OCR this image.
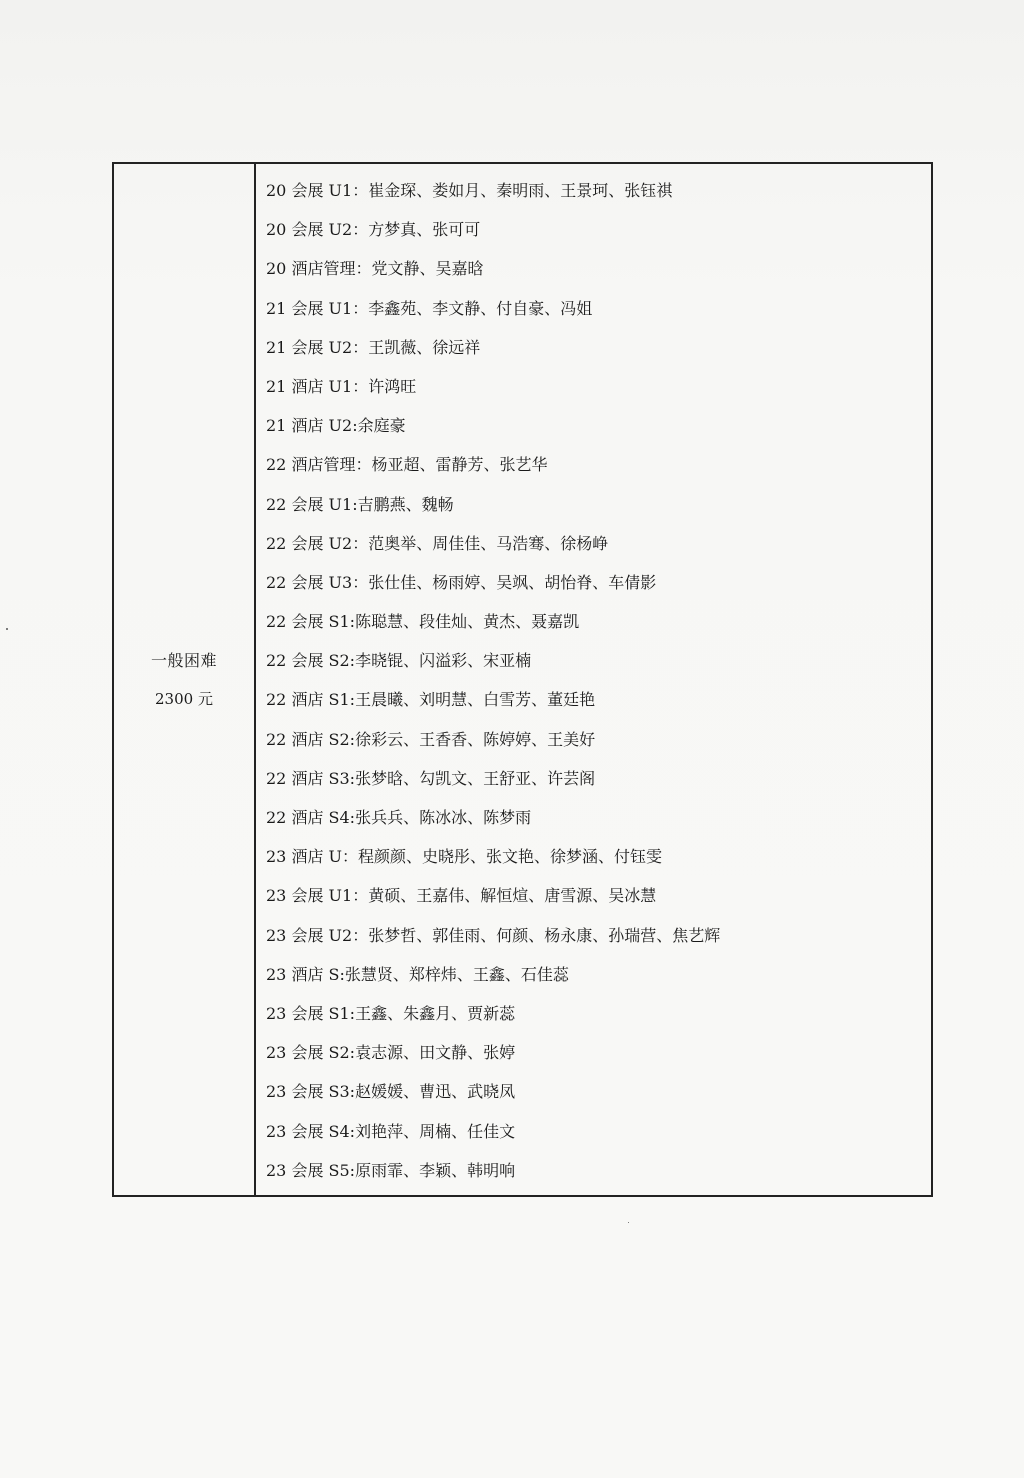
一般困难
2300 元
20 会展 U1：崔金琛、娄如月、秦明雨、王景珂、张钰祺
20 会展 U2：方梦真、张可可
20 酒店管理：党文静、吴嘉晗
21 会展 U1：李鑫苑、李文静、付自豪、冯姐
21 会展 U2：王凯薇、徐远祥
21 酒店 U1：许鸿旺
21 酒店 U2:余庭豪
22 酒店管理：杨亚超、雷静芳、张艺华
22 会展 U1:吉鹏燕、魏畅
22 会展 U2：范奥举、周佳佳、马浩骞、徐杨峥
22 会展 U3：张仕佳、杨雨婷、吴飒、胡怡脊、车倩影
22 会展 S1:陈聪慧、段佳灿、黄杰、聂嘉凯
22 会展 S2:李晓锟、闪溢彩、宋亚楠
22 酒店 S1:王晨曦、刘明慧、白雪芳、董廷艳
22 酒店 S2:徐彩云、王香香、陈婷婷、王美好
22 酒店 S3:张梦晗、勾凯文、王舒亚、许芸阁
22 酒店 S4:张兵兵、陈冰冰、陈梦雨
23 酒店 U：程颜颜、史晓彤、张文艳、徐梦涵、付钰雯
23 会展 U1：黄硕、王嘉伟、解恒煊、唐雪源、吴冰慧
23 会展 U2：张梦哲、郭佳雨、何颜、杨永康、孙瑞营、焦艺辉
23 酒店 S:张慧贤、郑梓炜、王鑫、石佳蕊
23 会展 S1:王鑫、朱鑫月、贾新蕊
23 会展 S2:袁志源、田文静、张婷
23 会展 S3:赵媛媛、曹迅、武晓凤
23 会展 S4:刘艳萍、周楠、任佳文
23 会展 S5:原雨霏、李颖、韩明响
